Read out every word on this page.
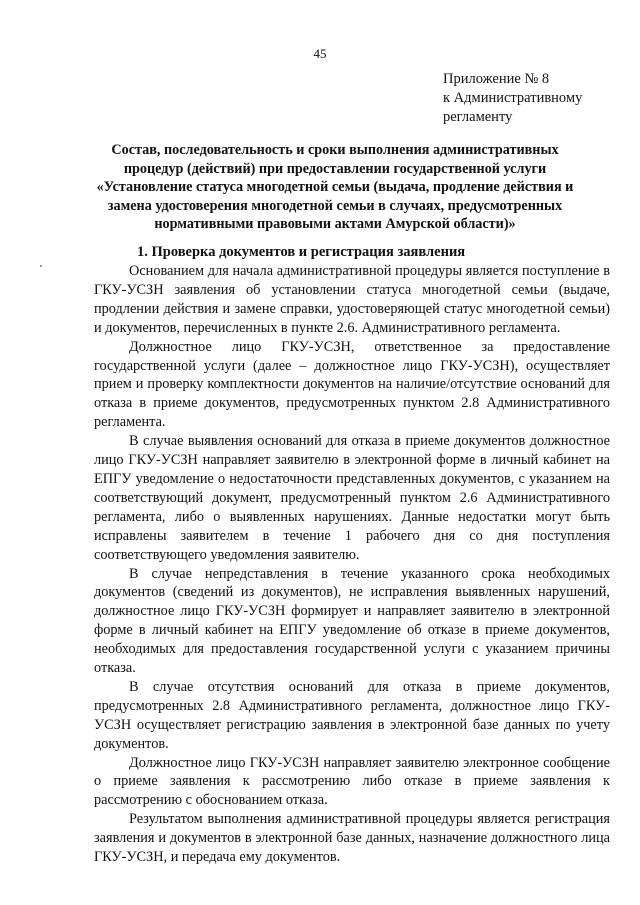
45
Приложение № 8
к Административному
регламенту
Состав, последовательность и сроки выполнения административных
процедур (действий) при предоставлении государственной услуги
«Установление статуса многодетной семьи (выдача, продление действия и
замена удостоверения многодетной семьи в случаях, предусмотренных
нормативными правовыми актами Амурской области)»
1. Проверка документов и регистрация заявления

Основанием для начала административной процедуры является поступление в ГКУ-УСЗН заявления об установлении статуса многодетной семьи (выдаче, продлении действия и замене справки, удостоверяющей статус многодетной семьи) и документов, перечисленных в пункте 2.6. Административного регламента.

Должностное лицо ГКУ-УСЗН, ответственное за предоставление государственной услуги (далее – должностное лицо ГКУ-УСЗН), осуществляет прием и проверку комплектности документов на наличие/отсутствие оснований для отказа в приеме документов, предусмотренных пунктом 2.8 Административного регламента.

В случае выявления оснований для отказа в приеме документов должностное лицо ГКУ-УСЗН направляет заявителю в электронной форме в личный кабинет на ЕПГУ уведомление о недостаточности представленных документов, с указанием на соответствующий документ, предусмотренный пунктом 2.6 Административного регламента, либо о выявленных нарушениях. Данные недостатки могут быть исправлены заявителем в течение 1 рабочего дня со дня поступления соответствующего уведомления заявителю.

В случае непредставления в течение указанного срока необходимых документов (сведений из документов), не исправления выявленных нарушений, должностное лицо ГКУ-УСЗН формирует и направляет заявителю в электронной форме в личный кабинет на ЕПГУ уведомление об отказе в приеме документов, необходимых для предоставления государственной услуги с указанием причины отказа.

В случае отсутствия оснований для отказа в приеме документов, предусмотренных 2.8 Административного регламента, должностное лицо ГКУ-УСЗН осуществляет регистрацию заявления в электронной базе данных по учету документов.

Должностное лицо ГКУ-УСЗН направляет заявителю электронное сообщение о приеме заявления к рассмотрению либо отказе в приеме заявления к рассмотрению с обоснованием отказа.

Результатом выполнения административной процедуры является регистрация заявления и документов в электронной базе данных, назначение должностного лица ГКУ-УСЗН, и передача ему документов.
